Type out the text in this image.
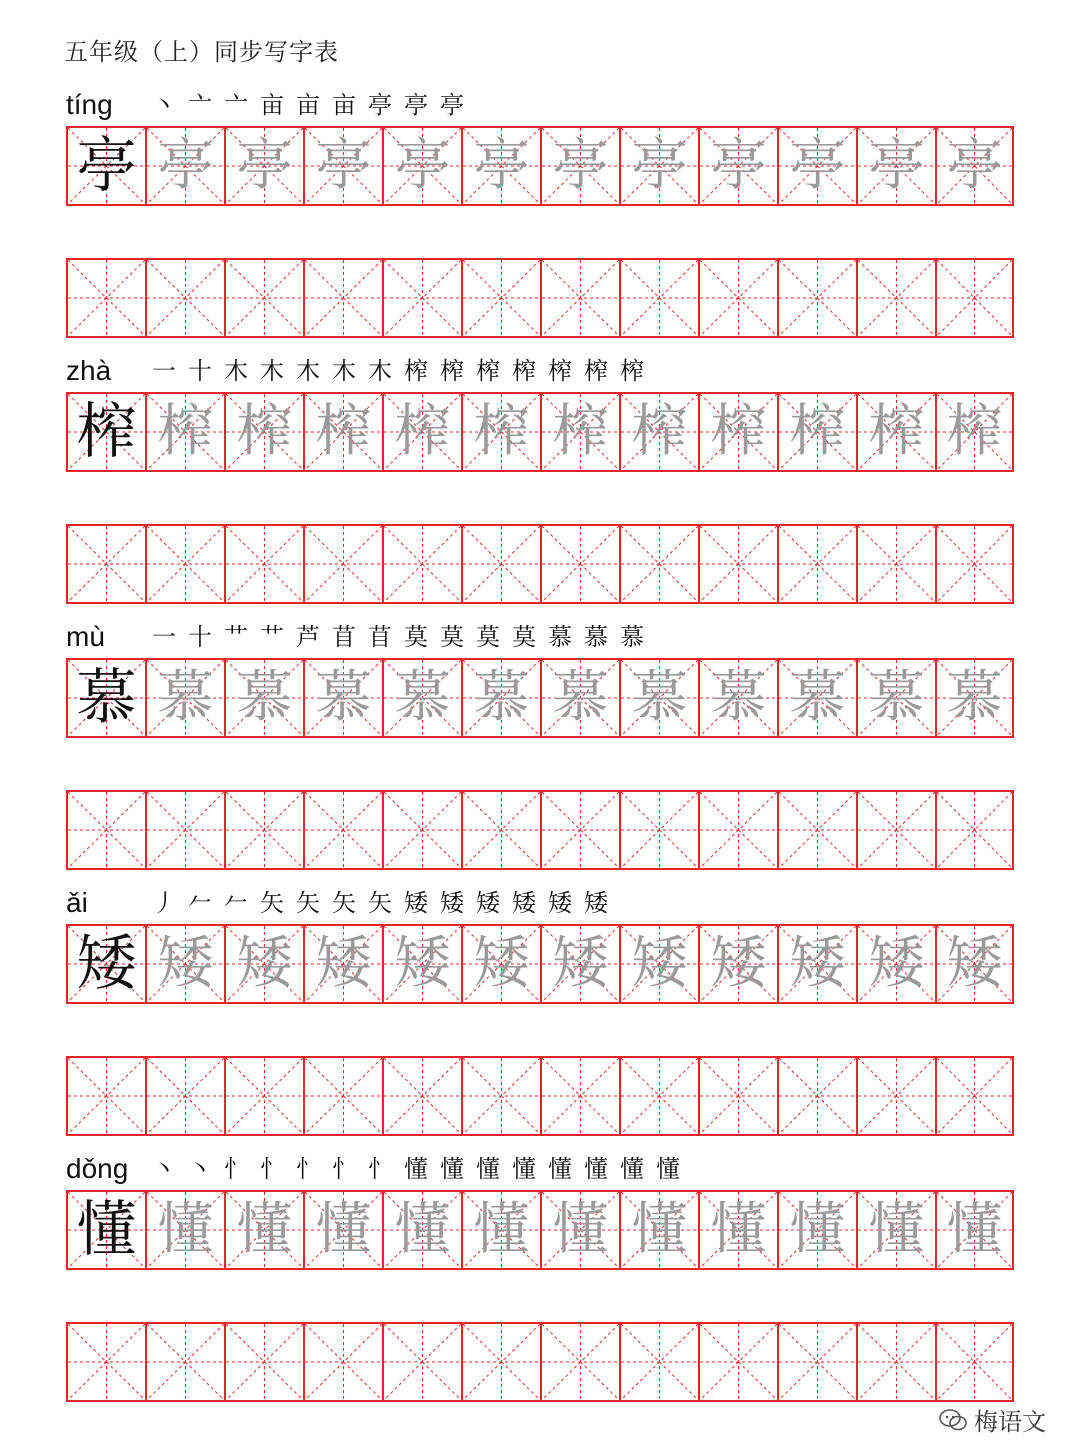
五年级（上）同步写字表
tíng 丶 亠 亠 亩 亩 亩 亭 亭 亭
亭 亭 亭 亭 亭 亭 亭 亭 亭 亭 亭 亭
zhà 一 十 木 木 木 木 木 榨 榨 榨 榨 榨 榨 榨
榨 榨 榨 榨 榨 榨 榨 榨 榨 榨 榨 榨
mù 一 十 艹 艹 芦 苜 苜 莫 莫 莫 莫 慕 慕 慕
慕 慕 慕 慕 慕 慕 慕 慕 慕 慕 慕 慕
ǎi	丿 𠂉 𠂉 矢 矢 矢 矢 矮 矮 矮 矮 矮 矮
矮 矮 矮 矮 矮 矮 矮 矮 矮 矮 矮 矮
dǒng 丶 丶 忄 忄 忄 忄 忄 懂 懂 懂 懂 懂 懂 懂 懂
懂 懂 懂 懂 懂 懂 懂 懂 懂 懂 懂 懂
梅语文
